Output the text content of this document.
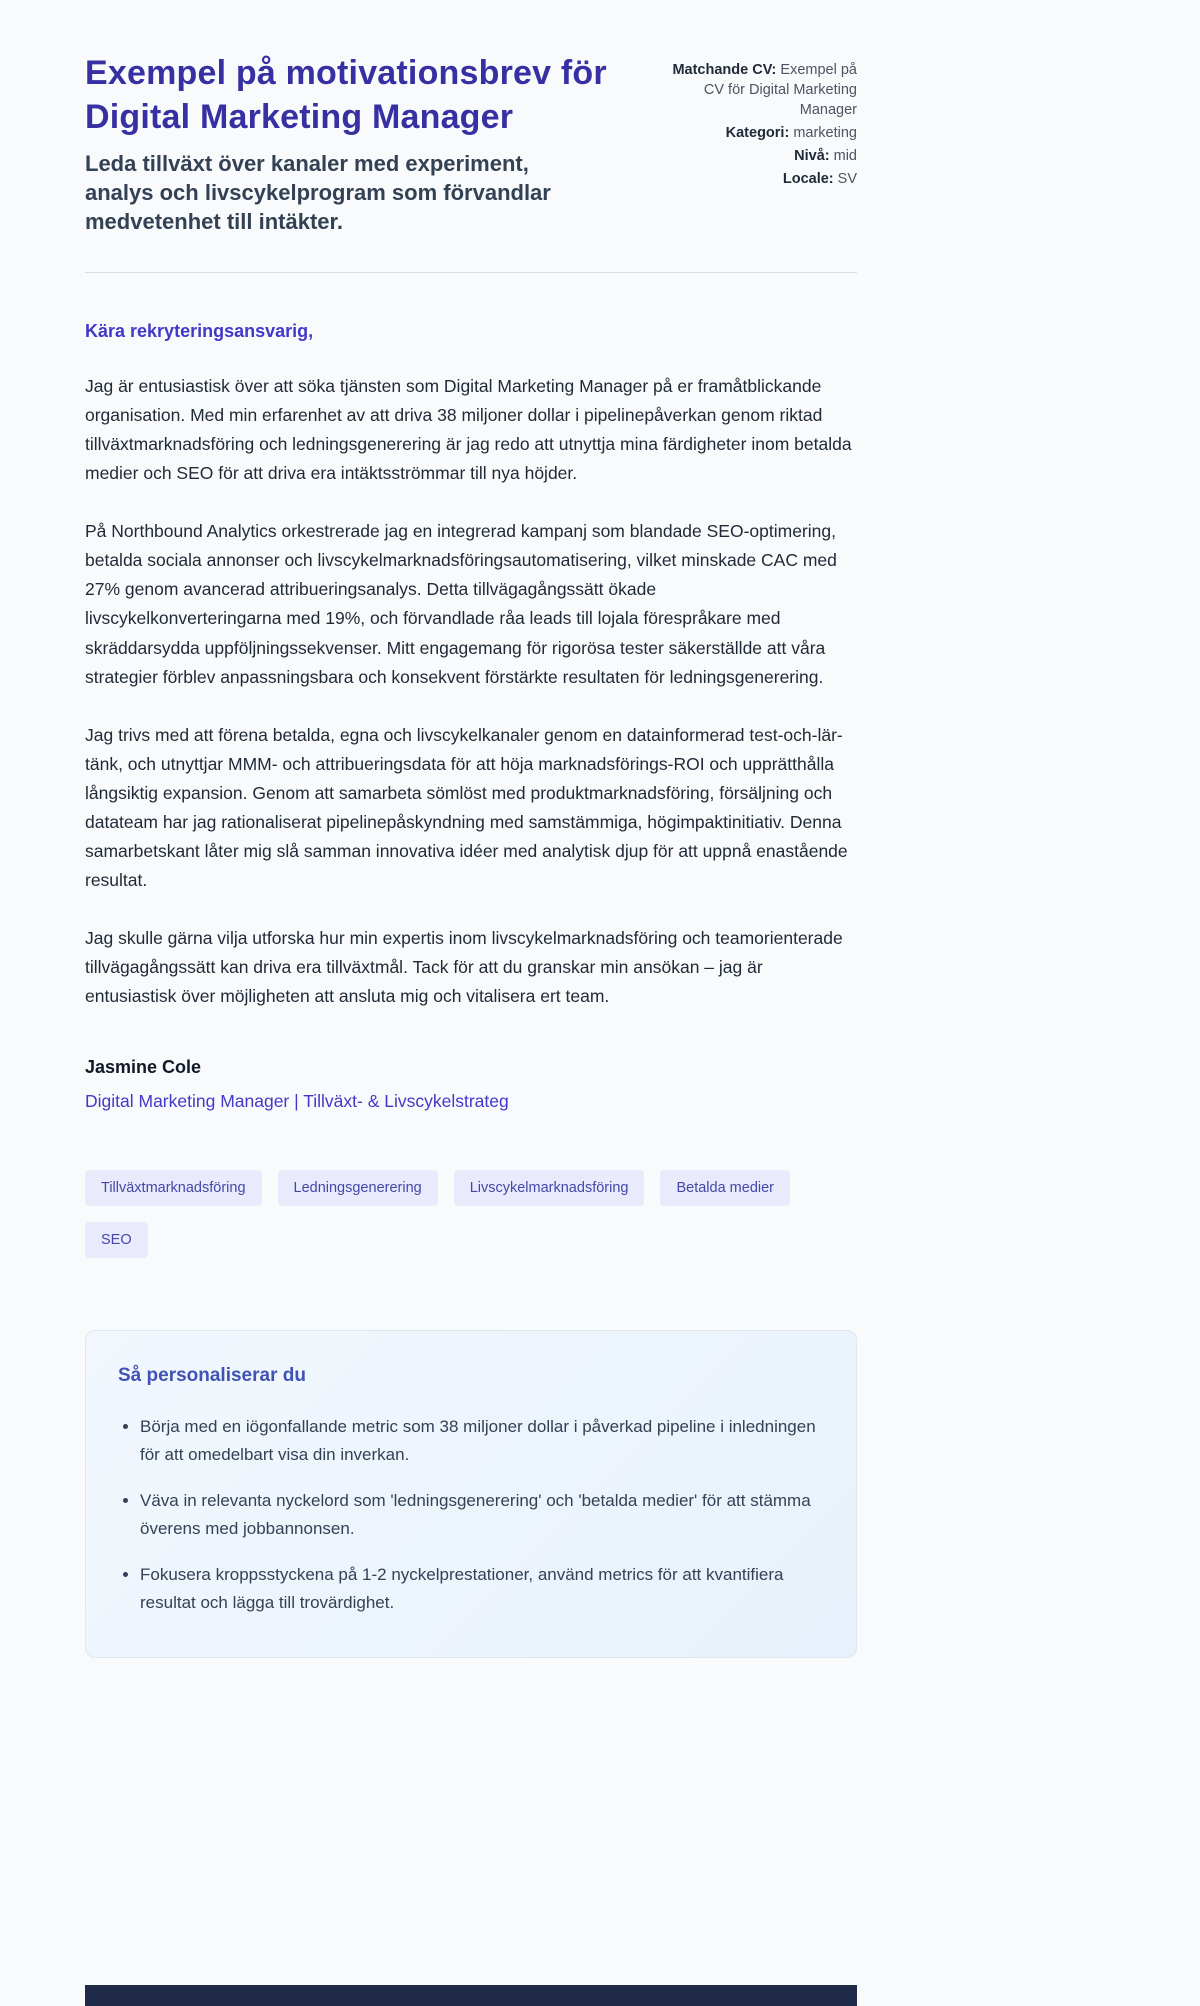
Exempel på motivationsbrev för Digital Marketing Manager
Leda tillväxt över kanaler med experiment, analys och livscykelprogram som förvandlar medvetenhet till intäkter.
Matchande CV: Exempel på CV för Digital Marketing Manager
Kategori: marketing
Nivå: mid
Locale: SV
Kära rekryteringsansvarig,

Jag är entusiastisk över att söka tjänsten som Digital Marketing Manager på er framåtblickande organisation. Med min erfarenhet av att driva 38 miljoner dollar i pipelinepåverkan genom riktad tillväxtmarknadsföring och ledningsgenerering är jag redo att utnyttja mina färdigheter inom betalda medier och SEO för att driva era intäktsströmmar till nya höjder.

På Northbound Analytics orkestrerade jag en integrerad kampanj som blandade SEO-optimering, betalda sociala annonser och livscykelmarknadsföringsautomatisering, vilket minskade CAC med 27% genom avancerad attribueringsanalys. Detta tillvägagångssätt ökade livscykelkonverteringarna med 19%, och förvandlade råa leads till lojala förespråkare med skräddarsydda uppföljningssekvenser. Mitt engagemang för rigorösa tester säkerställde att våra strategier förblev anpassningsbara och konsekvent förstärkte resultaten för ledningsgenerering.

Jag trivs med att förena betalda, egna och livscykelkanaler genom en datainformerad test-och-lär-tänk, och utnyttjar MMM- och attribueringsdata för att höja marknadsförings-ROI och upprätthålla långsiktig expansion. Genom att samarbeta sömlöst med produktmarknadsföring, försäljning och datateam har jag rationaliserat pipelinepåskyndning med samstämmiga, högimpaktinitiativ. Denna samarbetskant låter mig slå samman innovativa idéer med analytisk djup för att uppnå enastående resultat.

Jag skulle gärna vilja utforska hur min expertis inom livscykelmarknadsföring och teamorienterade tillvägagångssätt kan driva era tillväxtmål. Tack för att du granskar min ansökan – jag är entusiastisk över möjligheten att ansluta mig och vitalisera ert team.

Jasmine Cole
Digital Marketing Manager | Tillväxt- & Livscykelstrateg
Tillväxtmarknadsföring	Ledningsgenerering	Livscykelmarknadsföring	Betalda medier
SEO
Så personaliserar du
• Börja med en iögonfallande metric som 38 miljoner dollar i påverkad pipeline i inledningen för att omedelbart visa din inverkan.
• Väva in relevanta nyckelord som 'ledningsgenerering' och 'betalda medier' för att stämma överens med jobbannonsen.
• Fokusera kroppsstyckena på 1-2 nyckelprestationer, använd metrics för att kvantifiera resultat och lägga till trovärdighet.
